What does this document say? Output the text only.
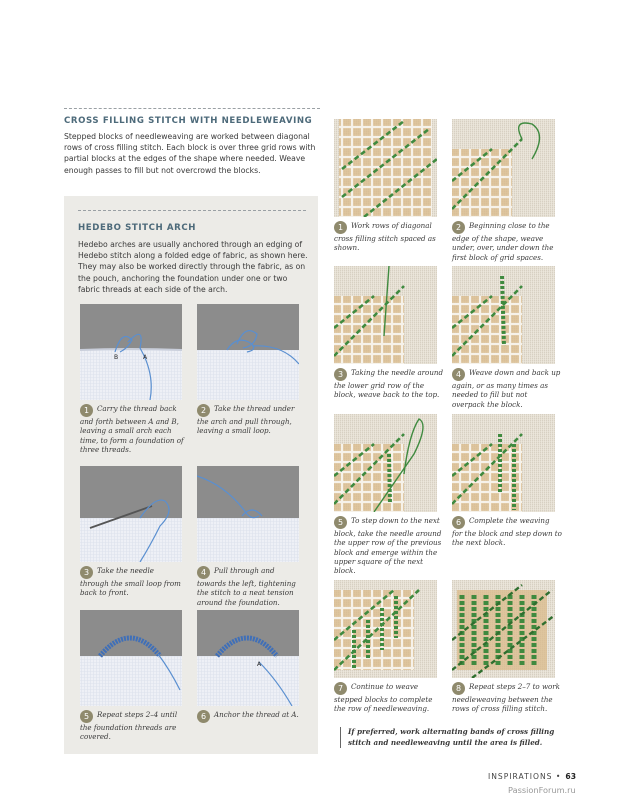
CROSS FILLING STITCH WITH NEEDLEWEAVING
Stepped blocks of needleweaving are worked between diagonal rows of cross filling stitch. Each block is over three grid rows with partial blocks at the edges of the shape where needed. Weave enough passes to fill but not overcrowd the blocks.
HEDEBO STITCH ARCH
Hedebo arches are usually anchored through an edging of Hedebo stitch along a folded edge of fabric, as shown here. They may also be worked directly through the fabric, as on the pouch, anchoring the foundation under one or two fabric threads at each side of the arch.
B	A
A
1 Carry the thread back and forth between A and B, leaving a small arch each time, to form a foundation of three threads.
2 Take the thread under the arch and pull through, leaving a small loop.
3 Take the needle through the small loop from back to front.
4 Pull through and towards the left, tightening the stitch to a neat tension around the foundation.
5 Repeat steps 2–4 until the foundation threads are covered.
6 Anchor the thread at A.
1 Work rows of diagonal cross filling stitch spaced as shown.
2 Beginning close to the edge of the shape, weave under, over, under down the first block of grid spaces.
3 Taking the needle around the lower grid row of the block, weave back to the top.
4 Weave down and back up again, or as many times as needed to fill but not overpack the block.
5 To step down to the next block, take the needle around the upper row of the previous block and emerge within the upper square of the next block.
6 Complete the weaving for the block and step down to the next block.
7 Continue to weave stepped blocks to complete the row of needleweaving.
8 Repeat steps 2–7 to work needleweaving between the rows of cross filling stitch.
If preferred, work alternating bands of cross filling stitch and needleweaving until the area is filled.
INSPIRATIONS • 63
PassionForum.ru
